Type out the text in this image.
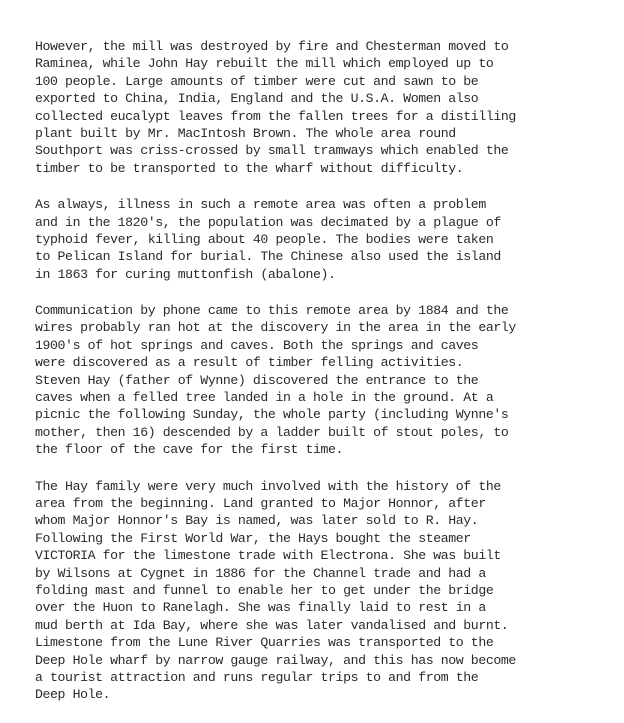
However, the mill was destroyed by fire and Chesterman moved to
Raminea, while John Hay rebuilt the mill which employed up to
100 people. Large amounts of timber were cut and sawn to be
exported to China, India, England and the U.S.A. Women also
collected eucalypt leaves from the fallen trees for a distilling
plant built by Mr. MacIntosh Brown. The whole area round
Southport was criss-crossed by small tramways which enabled the
timber to be transported to the wharf without difficulty.
As always, illness in such a remote area was often a problem
and in the 1820's, the population was decimated by a plague of
typhoid fever, killing about 40 people. The bodies were taken
to Pelican Island for burial. The Chinese also used the island
in 1863 for curing muttonfish (abalone).
Communication by phone came to this remote area by 1884 and the
wires probably ran hot at the discovery in the area in the early
1900's of hot springs and caves. Both the springs and caves
were discovered as a result of timber felling activities.
Steven Hay (father of Wynne) discovered the entrance to the
caves when a felled tree landed in a hole in the ground. At a
picnic the following Sunday, the whole party (including Wynne's
mother, then 16) descended by a ladder built of stout poles, to
the floor of the cave for the first time.
The Hay family were very much involved with the history of the
area from the beginning. Land granted to Major Honnor, after
whom Major Honnor's Bay is named, was later sold to R. Hay.
Following the First World War, the Hays bought the steamer
VICTORIA for the limestone trade with Electrona. She was built
by Wilsons at Cygnet in 1886 for the Channel trade and had a
folding mast and funnel to enable her to get under the bridge
over the Huon to Ranelagh. She was finally laid to rest in a
mud berth at Ida Bay, where she was later vandalised and burnt.
Limestone from the Lune River Quarries was transported to the
Deep Hole wharf by narrow gauge railway, and this has now become
a tourist attraction and runs regular trips to and from the
Deep Hole.
